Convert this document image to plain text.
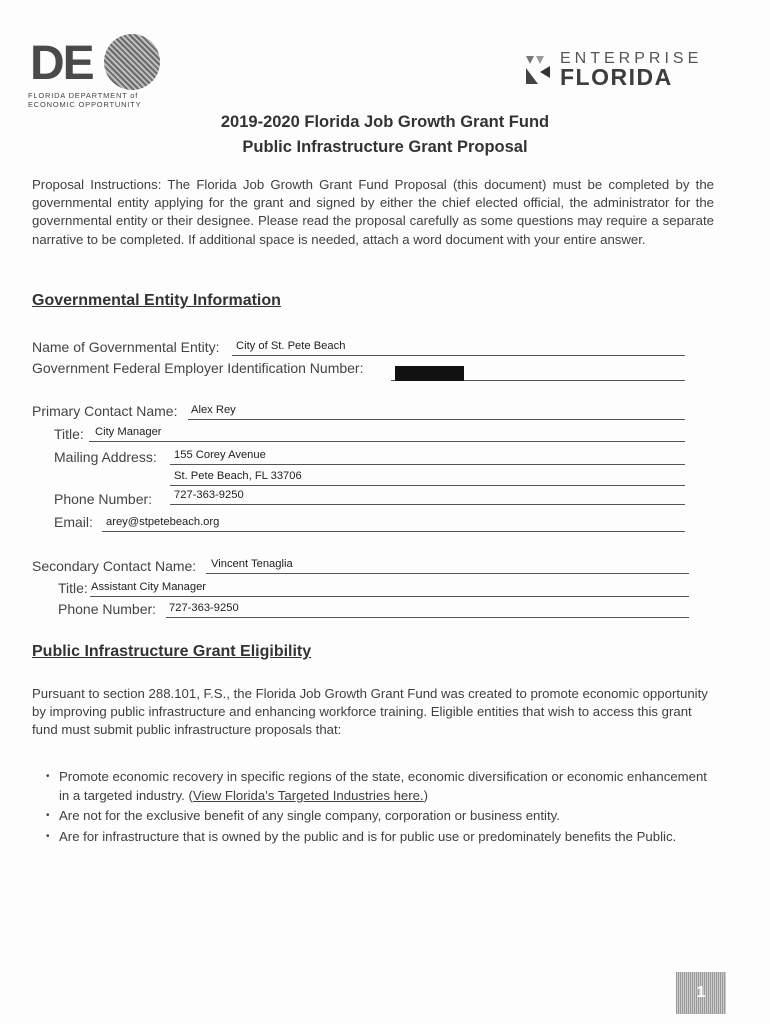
DE
FLORIDA DEPARTMENT of
ECONOMIC OPPORTUNITY
ENTERPRISE
FLORIDA
2019-2020 Florida Job Growth Grant Fund
Public Infrastructure Grant Proposal
Proposal Instructions: The Florida Job Growth Grant Fund Proposal (this document) must be completed by the governmental entity applying for the grant and signed by either the chief elected official, the administrator for the governmental entity or their designee. Please read the proposal carefully as some questions may require a separate narrative to be completed. If additional space is needed, attach a word document with your entire answer.
Governmental Entity Information
Name of Governmental Entity: City of St. Pete Beach
Government Federal Employer Identification Number:
Primary Contact Name: Alex Rey
Title: City Manager
Mailing Address: 155 Corey Avenue
St. Pete Beach, FL 33706
Phone Number: 727-363-9250
Email: arey@stpetebeach.org
Secondary Contact Name: Vincent Tenaglia
Title: Assistant City Manager
Phone Number: 727-363-9250
Public Infrastructure Grant Eligibility
Pursuant to section 288.101, F.S., the Florida Job Growth Grant Fund was created to promote economic opportunity by improving public infrastructure and enhancing workforce training. Eligible entities that wish to access this grant fund must submit public infrastructure proposals that:
• Promote economic recovery in specific regions of the state, economic diversification or economic enhancement in a targeted industry. (View Florida's Targeted Industries here.)
• Are not for the exclusive benefit of any single company, corporation or business entity.
• Are for infrastructure that is owned by the public and is for public use or predominately benefits the Public.
1
